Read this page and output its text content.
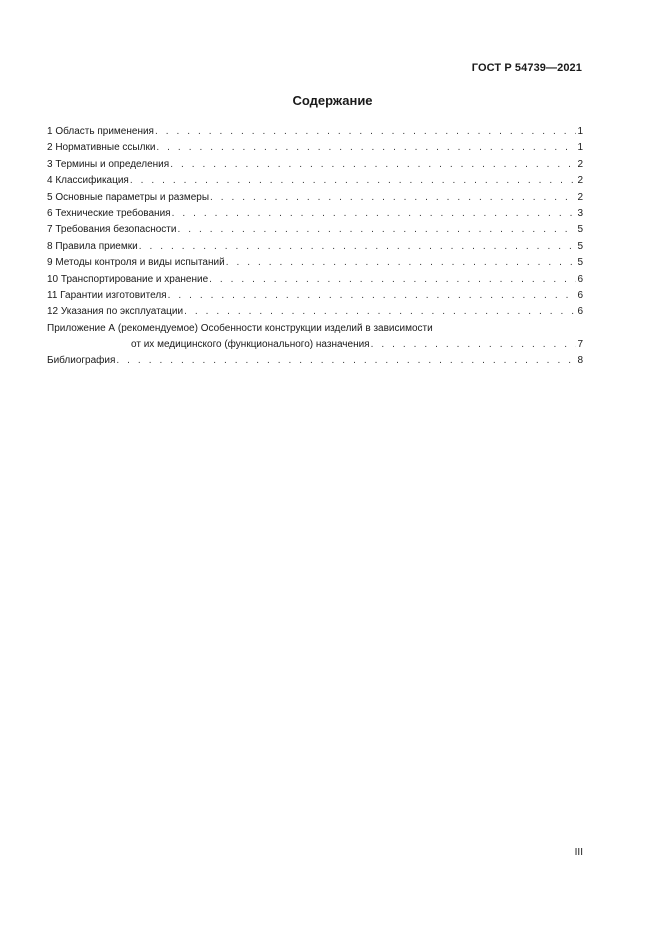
ГОСТ Р 54739—2021
Содержание
1 Область применения . . .	1
2 Нормативные ссылки . . .	1
3 Термины и определения . . .	2
4 Классификация . . .	2
5 Основные параметры и размеры . . .	2
6 Технические требования . . .	3
7 Требования безопасности . . .	5
8 Правила приемки . . .	5
9 Методы контроля и виды испытаний . . .	5
10 Транспортирование и хранение . . .	6
11 Гарантии изготовителя . . .	6
12 Указания по эксплуатации . . .	6
Приложение А (рекомендуемое) Особенности конструкции изделий в зависимости
от их медицинского (функционального) назначения . . .	7
Библиография . . .	8
III
